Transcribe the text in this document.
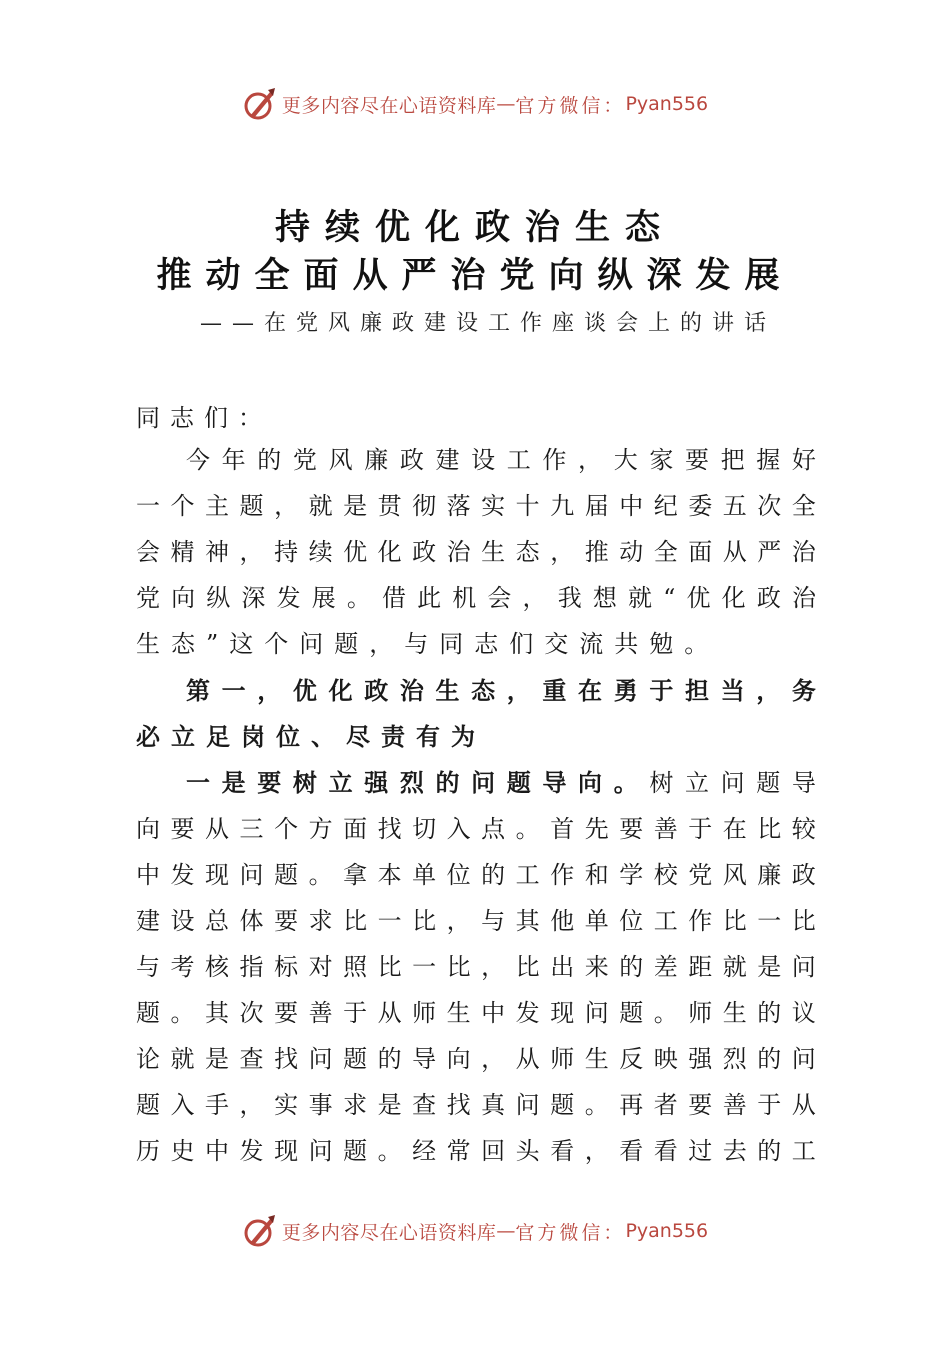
更多内容尽在心语资料库 — 官方微信： Pyan556
持续优化政治生态
推动全面从严治党向纵深发展
——在党风廉政建设工作座谈会上的讲话
同志们：
今 年 的 党 风 廉 政 建 设 工 作 ， 大 家 要 把 握 好
一 个 主 题 ， 就 是 贯 彻 落 实 十 九 届 中 纪 委 五 次 全
会 精 神 ， 持 续 优 化 政 治 生 态 ， 推 动 全 面 从 严 治
党 向 纵 深 发 展 。 借 此 机 会 ， 我 想 就 “ 优 化 政 治
生态”这个问题，与同志们交流共勉。
第 一 ， 优 化 政 治 生 态 ， 重 在 勇 于 担 当 ， 务
必立足岗位、尽责有为
一 是 要 树 立 强 烈 的 问 题 导 向 。 树 立 问 题 导
向 要 从 三 个 方 面 找 切 入 点 。 首 先 要 善 于 在 比 较
中 发 现 问 题 。 拿 本 单 位 的 工 作 和 学 校 党 风 廉 政
建 设 总 体 要 求 比 一 比 ， 与 其 他 单 位 工 作 比 一 比
与 考 核 指 标 对 照 比 一 比 ， 比 出 来 的 差 距 就 是 问
题 。 其 次 要 善 于 从 师 生 中 发 现 问 题 。 师 生 的 议
论 就 是 查 找 问 题 的 导 向 ， 从 师 生 反 映 强 烈 的 问
题 入 手 ， 实 事 求 是 查 找 真 问 题 。 再 者 要 善 于 从
历 史 中 发 现 问 题 。 经 常 回 头 看 ， 看 看 过 去 的 工
更多内容尽在心语资料库 — 官方微信： Pyan556
